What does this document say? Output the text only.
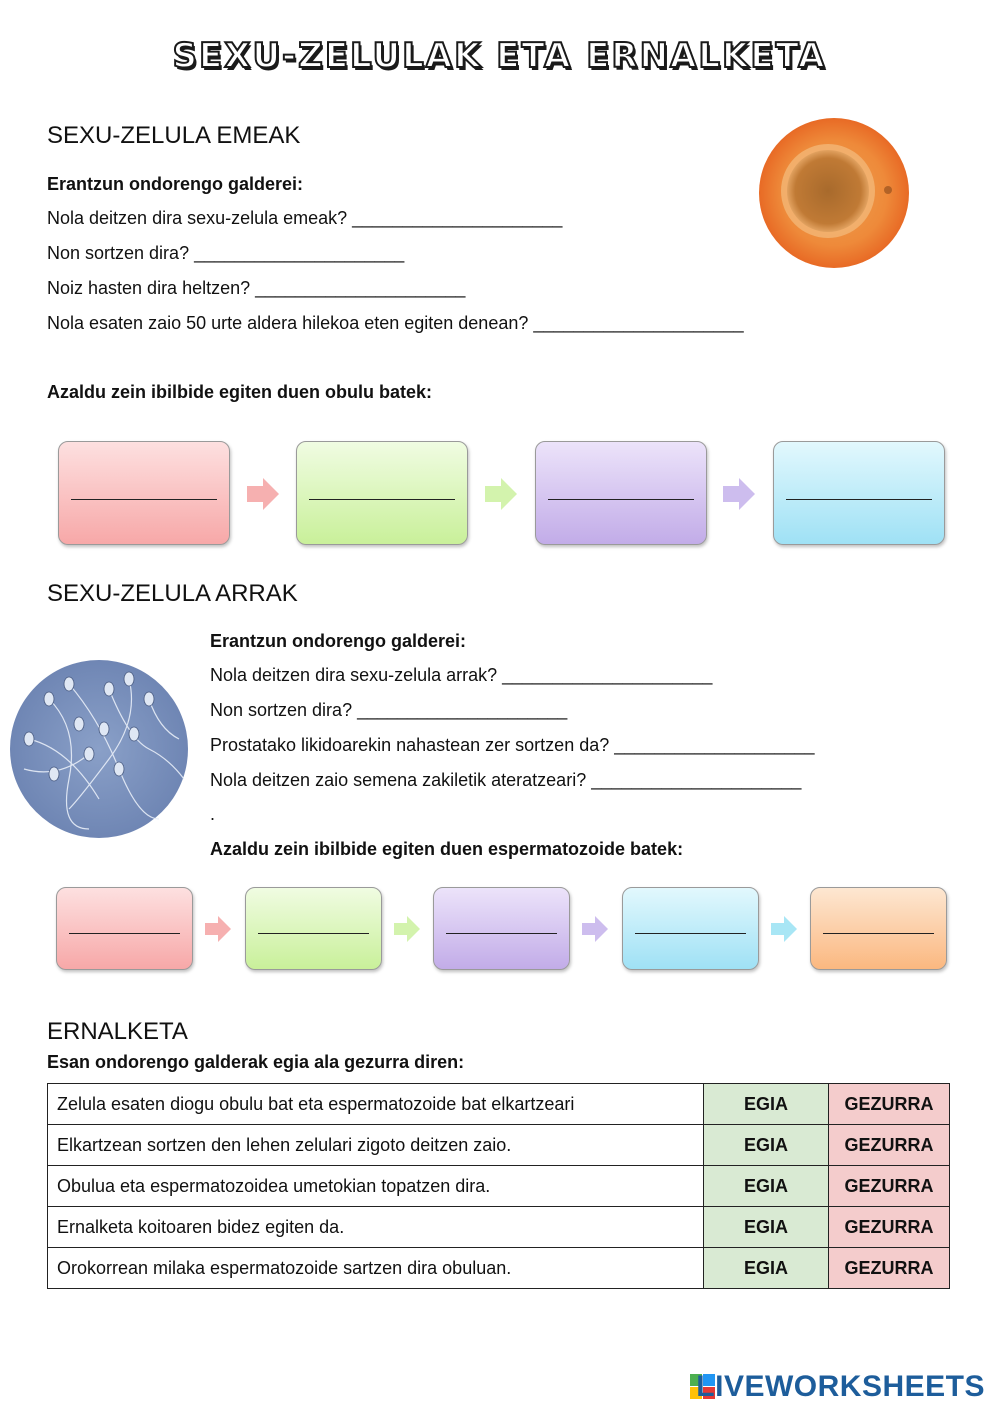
SEXU-ZELULAK ETA ERNALKETA
SEXU-ZELULA EMEAK
Erantzun ondorengo galderei:
Nola deitzen dira sexu-zelula emeak? _____________________
Non sortzen dira? _____________________
Noiz hasten dira heltzen? _____________________
Nola esaten zaio 50 urte aldera hilekoa eten egiten denean? _____________________
Azaldu zein ibilbide egiten duen obulu batek:
SEXU-ZELULA ARRAK
Erantzun ondorengo galderei:
Nola deitzen dira sexu-zelula arrak? _____________________
Non sortzen dira? _____________________
Prostatako likidoarekin nahastean zer sortzen da? ____________________
Nola deitzen zaio semena zakiletik ateratzeari? _____________________
.
Azaldu zein ibilbide egiten duen espermatozoide batek:
ERNALKETA
Esan ondorengo galderak egia ala gezurra diren:
Zelula esaten diogu obulu bat eta espermatozoide bat elkartzeari	EGIA	GEZURRA
Elkartzean sortzen den lehen zelulari zigoto deitzen zaio.	EGIA	GEZURRA
Obulua eta espermatozoidea umetokian topatzen dira.	EGIA	GEZURRA
Ernalketa koitoaren bidez egiten da.	EGIA	GEZURRA
Orokorrean milaka espermatozoide sartzen dira obuluan.	EGIA	GEZURRA
LIVEWORKSHEETS
